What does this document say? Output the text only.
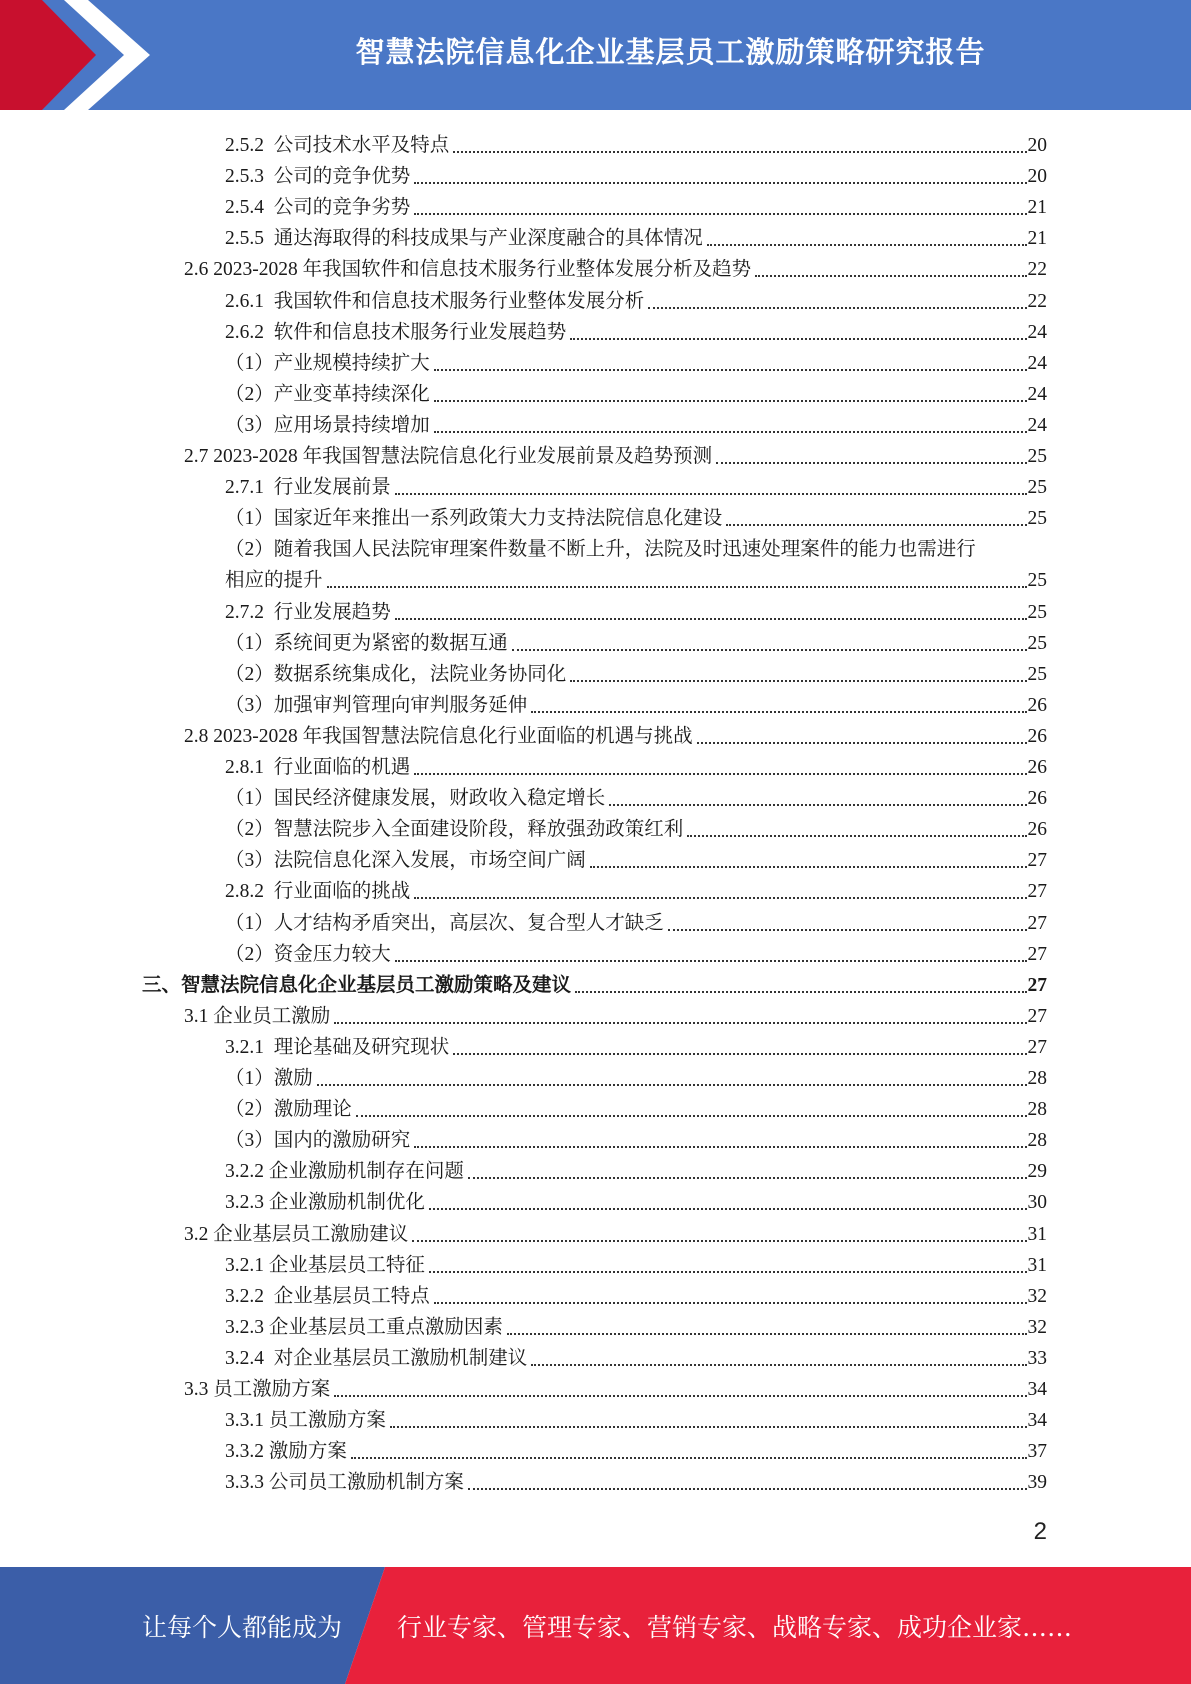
智慧法院信息化企业基层员工激励策略研究报告
2.5.2  公司技术水平及特点	20
2.5.3  公司的竞争优势	20
2.5.4  公司的竞争劣势	21
2.5.5  通达海取得的科技成果与产业深度融合的具体情况	21
2.6 2023-2028 年我国软件和信息技术服务行业整体发展分析及趋势	22
2.6.1  我国软件和信息技术服务行业整体发展分析	22
2.6.2  软件和信息技术服务行业发展趋势	24
（1）产业规模持续扩大	24
（2）产业变革持续深化	24
（3）应用场景持续增加	24
2.7 2023-2028 年我国智慧法院信息化行业发展前景及趋势预测	25
2.7.1  行业发展前景	25
（1）国家近年来推出一系列政策大力支持法院信息化建设	25
（2）随着我国人民法院审理案件数量不断上升，法院及时迅速处理案件的能力也需进行
相应的提升	25
2.7.2  行业发展趋势	25
（1）系统间更为紧密的数据互通	25
（2）数据系统集成化，法院业务协同化	25
（3）加强审判管理向审判服务延伸	26
2.8 2023-2028 年我国智慧法院信息化行业面临的机遇与挑战	26
2.8.1  行业面临的机遇	26
（1）国民经济健康发展，财政收入稳定增长	26
（2）智慧法院步入全面建设阶段，释放强劲政策红利	26
（3）法院信息化深入发展，市场空间广阔	27
2.8.2  行业面临的挑战	27
（1）人才结构矛盾突出，高层次、复合型人才缺乏	27
（2）资金压力较大	27
三、智慧法院信息化企业基层员工激励策略及建议	27
3.1 企业员工激励	27
3.2.1  理论基础及研究现状	27
（1）激励	28
（2）激励理论	28
（3）国内的激励研究	28
3.2.2 企业激励机制存在问题	29
3.2.3 企业激励机制优化	30
3.2 企业基层员工激励建议	31
3.2.1 企业基层员工特征	31
3.2.2  企业基层员工特点	32
3.2.3 企业基层员工重点激励因素	32
3.2.4  对企业基层员工激励机制建议	33
3.3 员工激励方案	34
3.3.1 员工激励方案	34
3.3.2 激励方案	37
3.3.3 公司员工激励机制方案	39
2
让每个人都能成为 行业专家、管理专家、营销专家、战略专家、成功企业家……
